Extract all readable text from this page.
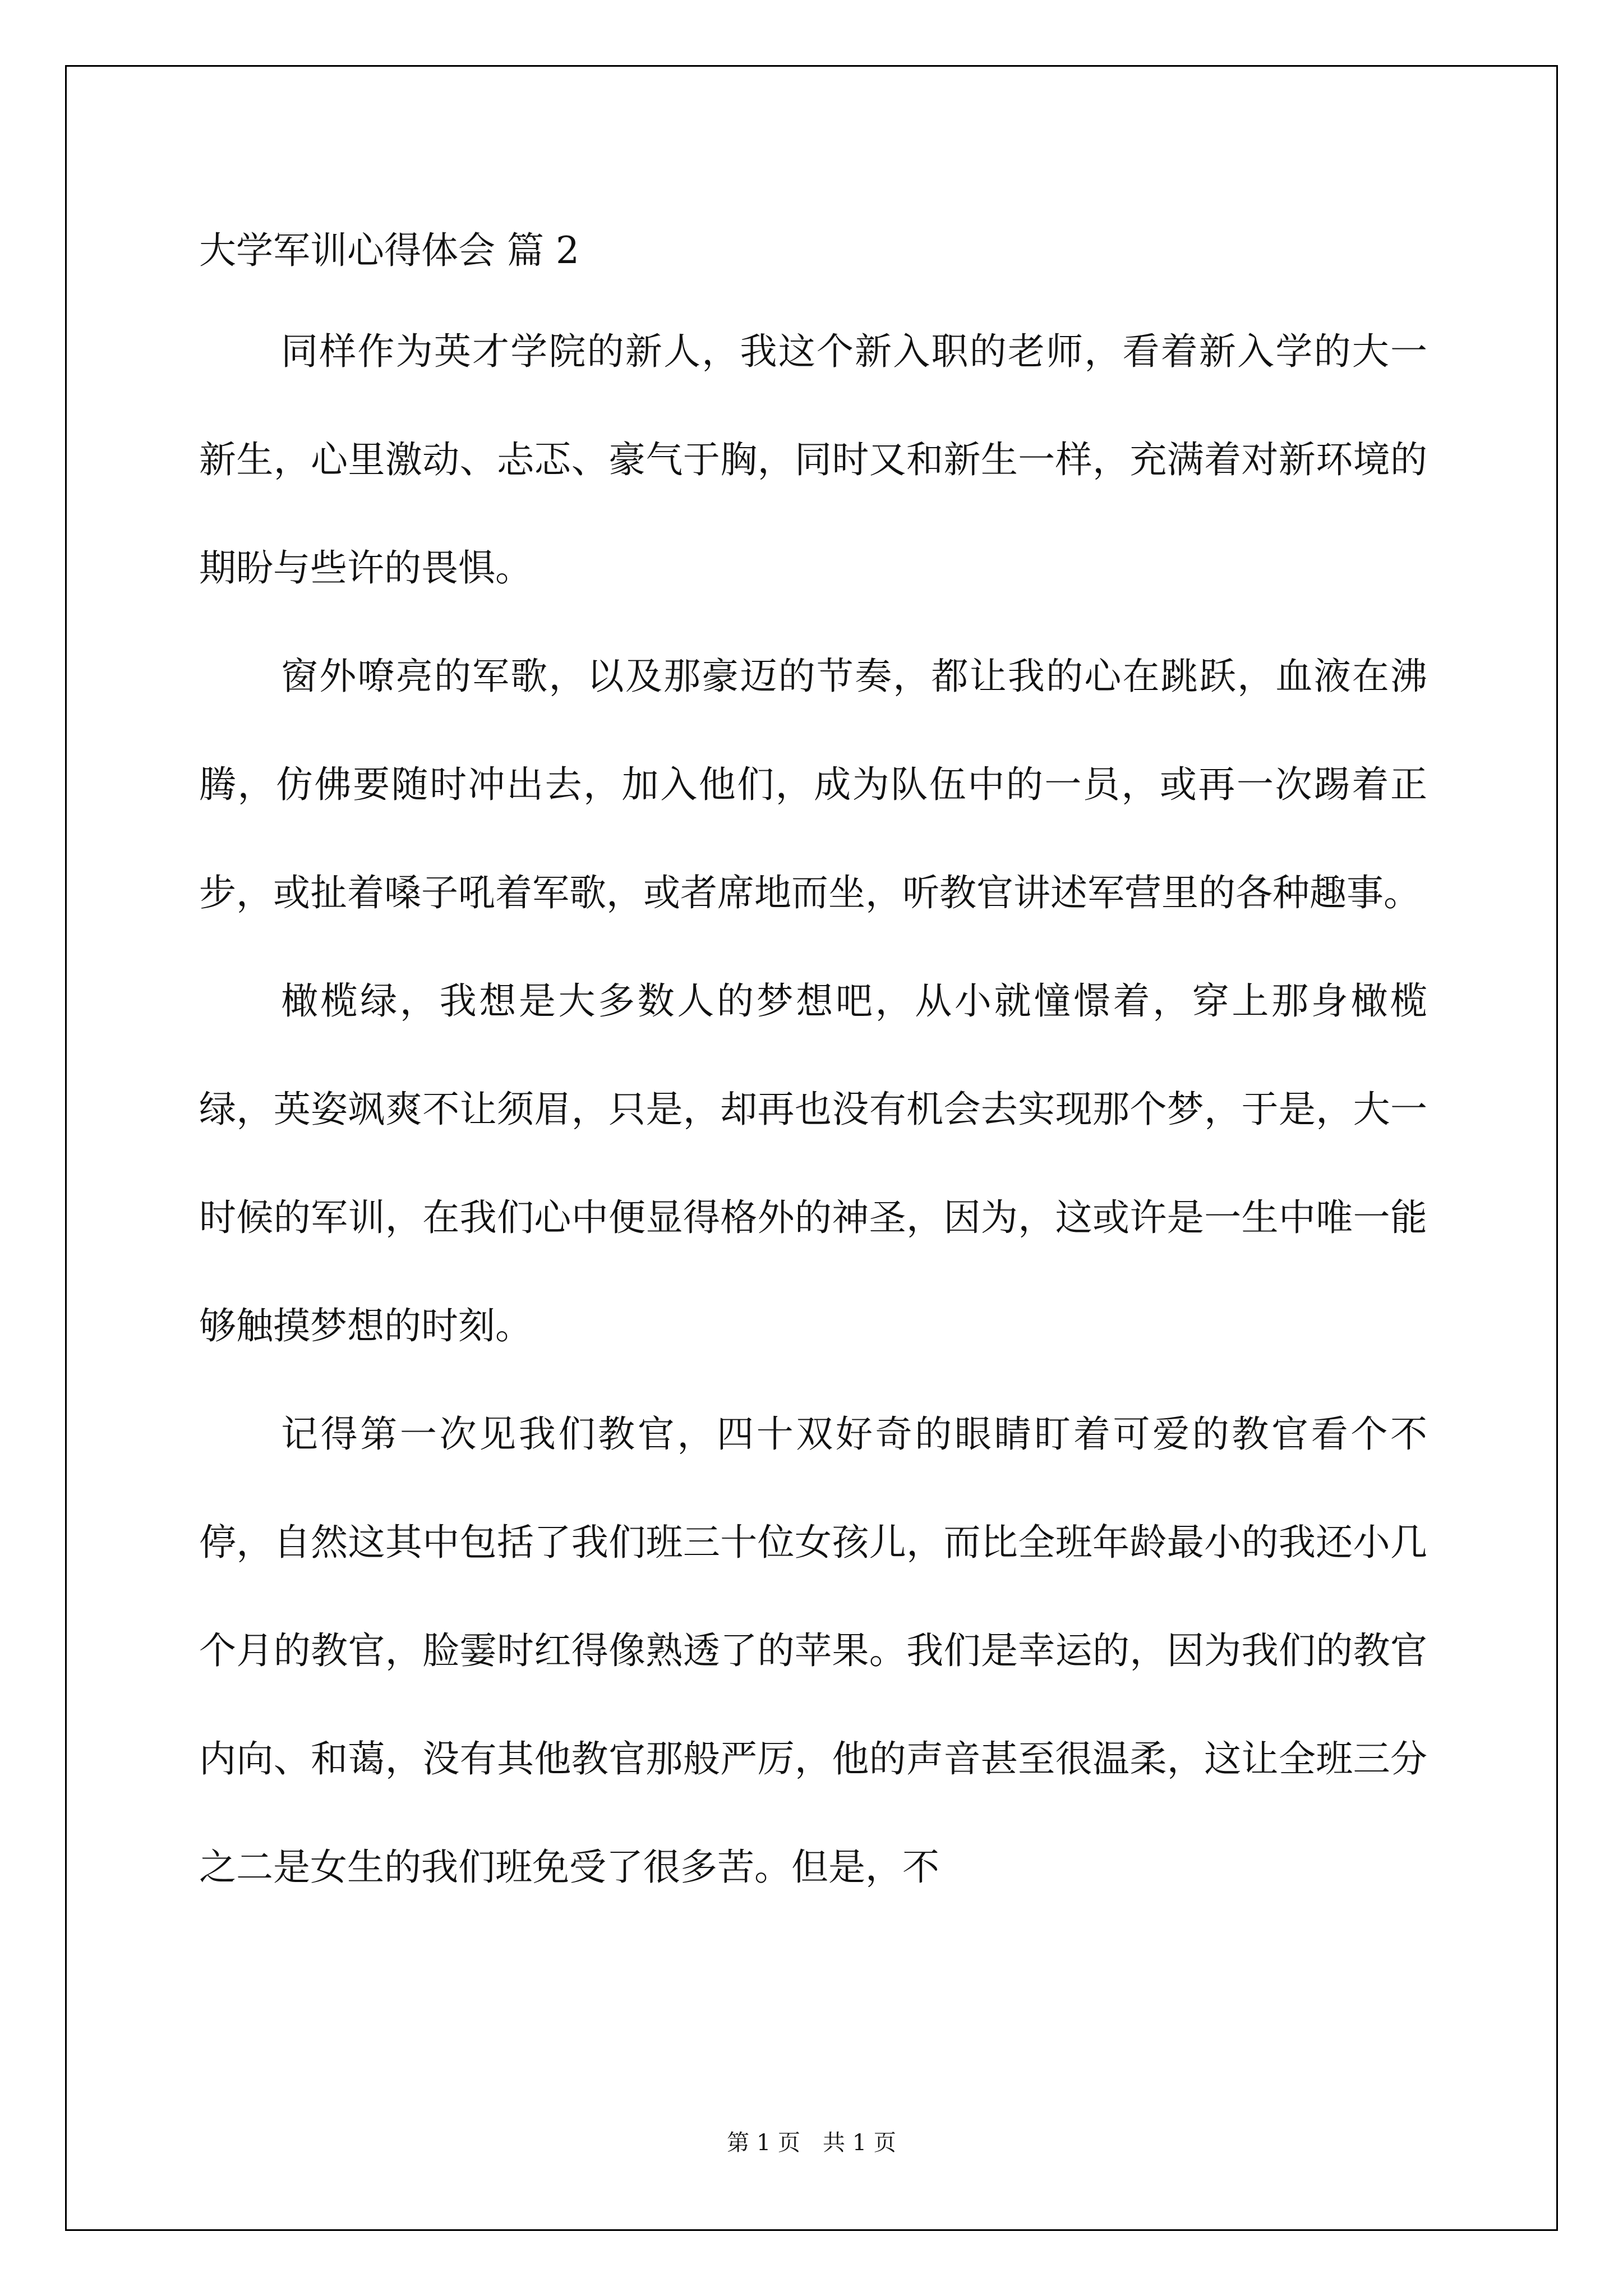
大学军训心得体会 篇 2

同样作为英才学院的新人，我这个新入职的老师，看着新入学的大一新生，心里激动、忐忑、豪气于胸，同时又和新生一样，充满着对新环境的期盼与些许的畏惧。

窗外嘹亮的军歌，以及那豪迈的节奏，都让我的心在跳跃，血液在沸腾，仿佛要随时冲出去，加入他们，成为队伍中的一员，或再一次踢着正步，或扯着嗓子吼着军歌，或者席地而坐，听教官讲述军营里的各种趣事。

橄榄绿，我想是大多数人的梦想吧，从小就憧憬着，穿上那身橄榄绿，英姿飒爽不让须眉，只是，却再也没有机会去实现那个梦，于是，大一时候的军训，在我们心中便显得格外的神圣，因为，这或许是一生中唯一能够触摸梦想的时刻。

记得第一次见我们教官，四十双好奇的眼睛盯着可爱的教官看个不停，自然这其中包括了我们班三十位女孩儿，而比全班年龄最小的我还小几个月的教官，脸霎时红得像熟透了的苹果。我们是幸运的，因为我们的教官内向、和蔼，没有其他教官那般严厉，他的声音甚至很温柔，这让全班三分之二是女生的我们班免受了很多苦。但是，不

第 1 页　共 1 页
